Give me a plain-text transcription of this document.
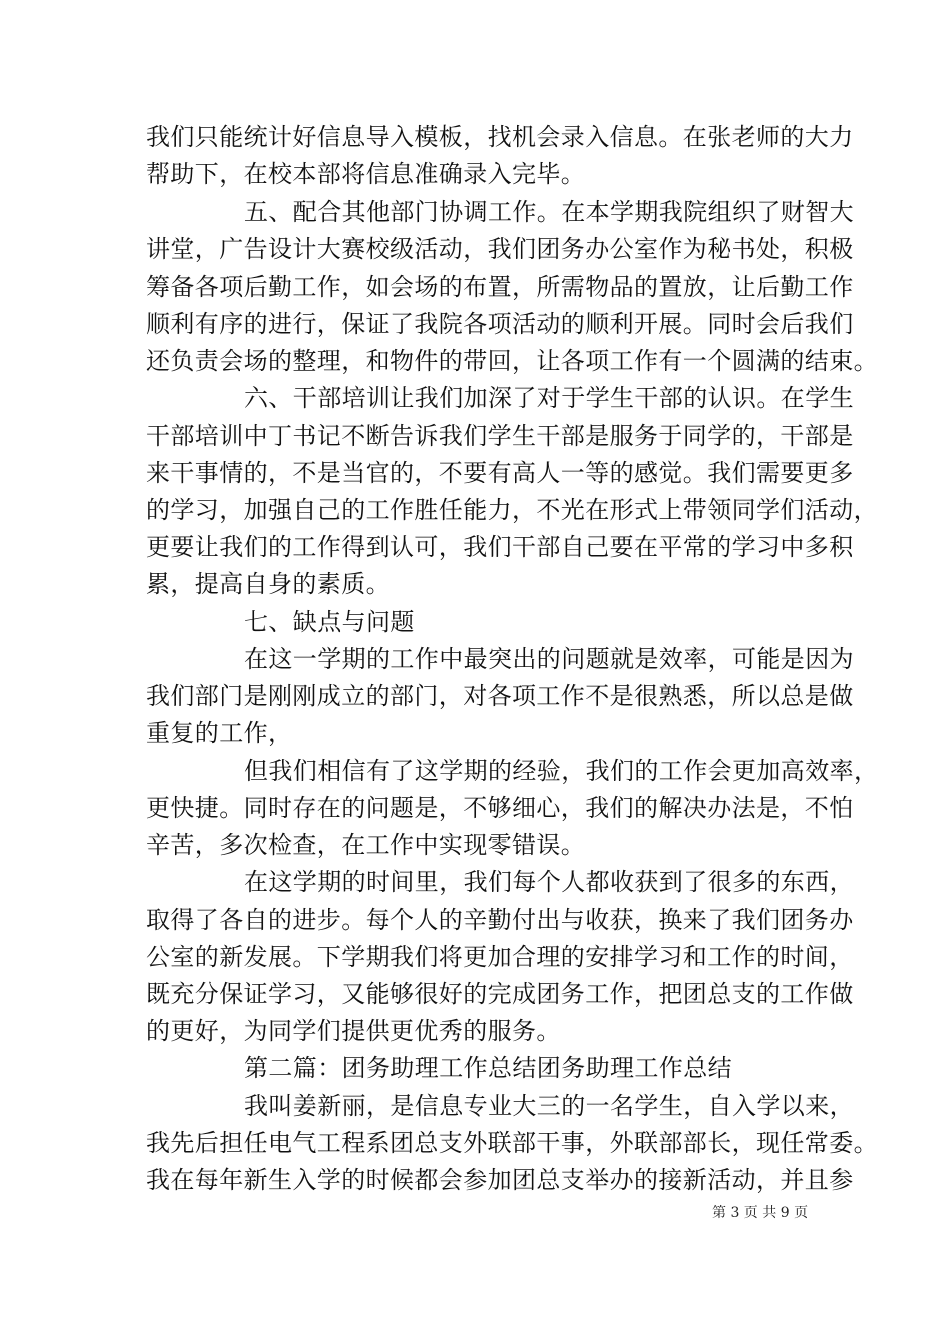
我们只能统计好信息导入模板，找机会录入信息。在张老师的大力
帮助下，在校本部将信息准确录入完毕。
五、配合其他部门协调工作。在本学期我院组织了财智大
讲堂，广告设计大赛校级活动，我们团务办公室作为秘书处，积极
筹备各项后勤工作，如会场的布置，所需物品的置放，让后勤工作
顺利有序的进行，保证了我院各项活动的顺利开展。同时会后我们
还负责会场的整理，和物件的带回，让各项工作有一个圆满的结束。
六、干部培训让我们加深了对于学生干部的认识。在学生
干部培训中丁书记不断告诉我们学生干部是服务于同学的，干部是
来干事情的，不是当官的，不要有高人一等的感觉。我们需要更多
的学习，加强自己的工作胜任能力，不光在形式上带领同学们活动，
更要让我们的工作得到认可，我们干部自己要在平常的学习中多积
累，提高自身的素质。
七、缺点与问题
在这一学期的工作中最突出的问题就是效率，可能是因为
我们部门是刚刚成立的部门，对各项工作不是很熟悉，所以总是做
重复的工作，
但我们相信有了这学期的经验，我们的工作会更加高效率，
更快捷。同时存在的问题是，不够细心，我们的解决办法是，不怕
辛苦，多次检查，在工作中实现零错误。
在这学期的时间里，我们每个人都收获到了很多的东西，
取得了各自的进步。每个人的辛勤付出与收获，换来了我们团务办
公室的新发展。下学期我们将更加合理的安排学习和工作的时间，
既充分保证学习，又能够很好的完成团务工作，把团总支的工作做
的更好，为同学们提供更优秀的服务。
第二篇：团务助理工作总结团务助理工作总结
我叫姜新丽，是信息专业大三的一名学生，自入学以来，
我先后担任电气工程系团总支外联部干事，外联部部长，现任常委。
我在每年新生入学的时候都会参加团总支举办的接新活动，并且参
第 3 页 共 9 页
